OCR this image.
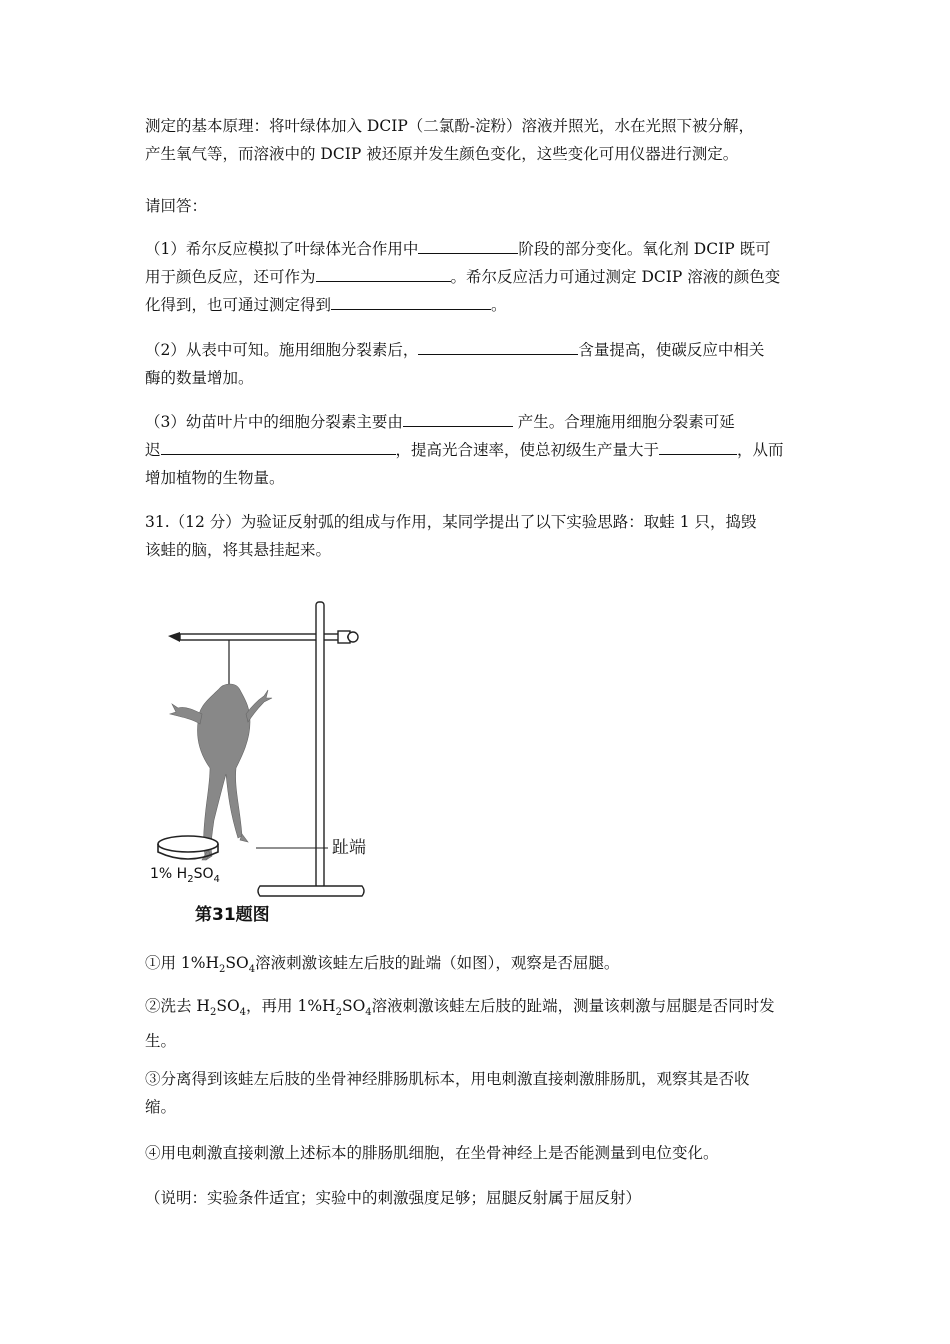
测定的基本原理：将叶绿体加入 DCIP（二氯酚-淀粉）溶液并照光，水在光照下被分解，
产生氧气等，而溶液中的 DCIP 被还原并发生颜色变化，这些变化可用仪器进行测定。

请回答：

（1）希尔反应模拟了叶绿体光合作用中	阶段的部分变化。氧化剂 DCIP 既可
用于颜色反应，还可作为	。希尔反应活力可通过测定 DCIP 溶液的颜色变
化得到，也可通过测定得到	。

（2）从表中可知。施用细胞分裂素后，	含量提高，使碳反应中相关
酶的数量增加。

（3）幼苗叶片中的细胞分裂素主要由	产生。合理施用细胞分裂素可延
迟	，提高光合速率，使总初级生产量大于	，从而
增加植物的生物量。

31.（12 分）为验证反射弧的组成与作用，某同学提出了以下实验思路：取蛙 1 只，捣毁
该蛙的脑，将其悬挂起来。

趾端
1% $H_2SO_4$
第31题图

①用 $1\%H_2SO_4$溶液刺激该蛙左后肢的趾端（如图），观察是否屈腿。

②洗去 $H_2SO_4$，再用 $1\%H_2SO_4$溶液刺激该蛙左后肢的趾端，测量该刺激与屈腿是否同时发
生。

③分离得到该蛙左后肢的坐骨神经腓肠肌标本，用电刺激直接刺激腓肠肌，观察其是否收
缩。

④用电刺激直接刺激上述标本的腓肠肌细胞，在坐骨神经上是否能测量到电位变化。

（说明：实验条件适宜；实验中的刺激强度足够；屈腿反射属于屈反射）
